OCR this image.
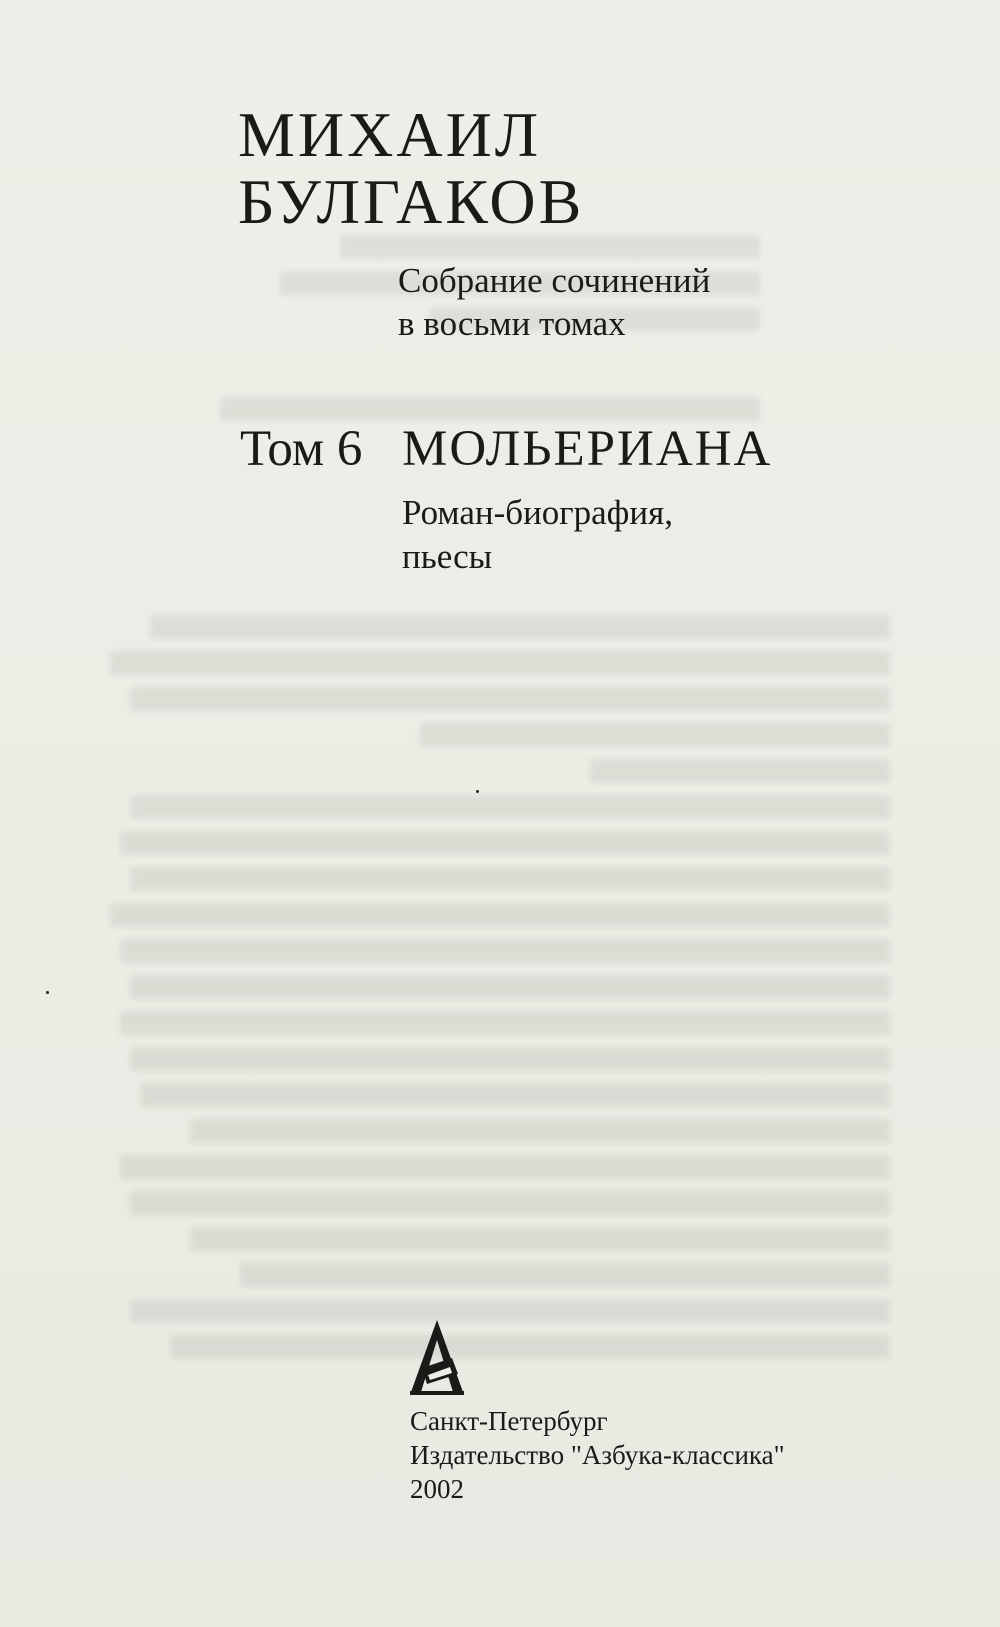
МИХАИЛ
БУЛГАКОВ

Собрание сочинений

в восьми томах

Том 6 МОЛЬЕРИАНА
Роман-биография,
пьесы
Санкт-Петербург
Издательство "Азбука-классика"
2002
